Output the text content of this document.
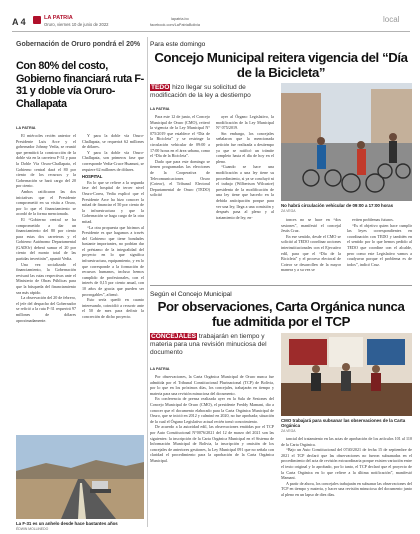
A 4	LA PATRIA
Oruro, viernes 10 de junio de 2022
lapatria.bo
facebook.com/LaPatriaBolivia
local
Gobernación de Oruro pondrá el 20%
Con 80% del costo, Gobierno financiará ruta F-31 y doble vía Oruro-Challapata
LA PATRIA

El miércoles recién anterior el Presidente Luis Arce y el gobernador Johnny Vedia, se reunió que permitirá la construcción de la doble vía en la carretera F-31 y para la Doble Vía Oruro-Challapata, el Gobierno central dará el 80 por ciento de los recursos y la Gobernación se hará cargo del 20 por ciento.

Ambos ratificaron las dos iniciativas que el Presidente comprometió en su visita a Oruro, por lo que el financiamiento se acordó de la forma mencionada.

El “Gobierno central se ha comprometido a dar un financiamiento del 80 por ciento para estas dos carreteras y el Gobierno Autónomo Departamental (GADOr) deberá sumar el 20 por ciento del monto total de las partidas invertirán”, apuntó Vedia.

Una vez socializado el financiamiento, la Gobernación revisará las rutas respectivas ante el Ministerio de Obras Públicas para que la búsqueda del financiamiento sea más rápido.

La observación del 20 de febrero, el jefe del despacho del Gobernador se refirió a la ruta F-31 requerirá 97 millones de dólares aproximadamente.

Y para la doble vía Oruro-Challapata, se requerirá 62 millones de dólares.

Y para la doble vía Oruro-Challapata, son primeros fase que corresponde Vedia-Cruce Huanuni, se requiere 62 millones de dólares.

HOSPITAL

En lo que se refiere a la segunda fase del hospital de tercer nivel Oruro-Corea, Vedia explicó que el Presidente Arce ha hizo conocer la mitad de financiar el 50 por ciento de la infraestructura y que la Gobernación se haga cargo de la otra mitad.

“La otra propuesta que hicimos al Presidente es que hagamos a través del Gobierno que tiene bondades bastante importantes, no podrían dar el préstamo de la integralidad del proyecto en lo que significa infraestructura, equipamiento, y en lo que corresponde a la formación de recursos humanos, incluso hemos cumplido de profesionales, con el interés de 0,15 por ciento anual, con 10 años de gracia que pueden ser prorrogables”, afirmó.

Esto sería quedó en cuanto interesando, coincidió a recurrir ante el 50 de mes para definir la concreción de dicho proyecto.

La F-31 es un anhelo desde hace bastantes años
ÉDWIN MOLLINEDO
Para este domingo
Concejo Municipal reitera vigencia del “Día de la Bicicleta”
TEDO hizo llegar su solicitud de modificación de la ley a destiempo
LA PATRIA

Para este 12 de junio, el Concejo Municipal de Oruro (CMO), reiteró la vigencia de la Ley Municipal N° 075/2019 que establece el “Día de la Bicicleta” y se restringe la circulación vehicular de 09:00 a 17:00 horas en el área urbana, como el “Día de la Bicicleta”.

Dado que para este domingo se tienen programadas las elecciones de la Cooperativa de Telecomunicaciones Oruro (Coteor), el Tribunal Electoral Departamental de Oruro (TEDO) solicitó

ayer al Órgano Legislativo, la modificación de la Ley Municipal N° 075/2019.

Sin embargo, los concejales señalaron que la mencionada petición fue realizada a destiempo ya que se ratificó un trámite completo hasta el día de hoy en el pleno.

“Cuando se hace una modificación a una ley tiene su procedimiento, si ya se concluyó ni el trabajo (Wilbertson Wilcastre) presidenta de la modificación de una ley tiene que hacerlo en la debida anticipación porque para ver una ley, llega a una comisión y después pasa al pleno y al tratamiento de ley, en-

No habrá circulación vehicular de 09:00 a 17:00 horas
ZA VEGA

tonces no se hace en “dos sesiones”, manifestó el concejal Jesús Cruz.

En ese sentido, desde el CMO se solicitó al TEDO coordinar acciones interinstitucionales con el Ejecutivo edil, para que el “Día de la Bicicleta” y el proceso electoral de Coteor se desarrollen de la mayor manera y a su vez se

eviten problemas futuros.

“Es el objetivo quien hace cumplir las leyes correspondientes en coordinación con TEDO y también en el sentido por lo que hemos pedido al TEDO que coordine con el alcalde, pero como este Legislativo vamos a coadyuvar porque el problema es de todos”, indicó Cruz.

Según el Concejo Municipal
Por observaciones, Carta Orgánica nunca fue admitida por el TCP
CONCEJALES trabajarán en tiempo y materia para una revisión minuciosa del documento
LA PATRIA

Por observaciones, la Carta Orgánica Municipal de Oruro nunca fue admitida por el Tribunal Constitucional Plurinacional (TCP) de Bolivia, por lo que en los próximos días, los concejales, trabajarán en tiempo y materia para una revisión minuciosa del documento.

En conferencia de prensa realizada ayer en la Sala de Sesiones del Concejo Municipal de Oruro (CMO), el presidente Freddy Mamani, dio a conocer que el documento elaborado para la Carta Orgánica Municipal de Oruro, que se inició en 2012 y culminó en 2020, no fue aprobada; situación de la cual el Órgano Legislativo actual recién tomó conocimiento.

De acuerdo a la autoridad edil, las observaciones emitidas por el TCP por Auto Constitucional N°0076/2021 del 12 de marzo del 2021 son las siguientes: la inscripción de la Carta Orgánica Municipal en el Sistema de Información Municipal de Bolivia, la inscripción y omisión de los concejales de anteriores gestiones, la Ley Municipal 091 que no señala con claridad el procedimiento para la aprobación de la Carta Orgánica Municipal.

CMO trabajará para subsanar las observaciones de la Carta Orgánica
ZA VEGA

tancial del tratamiento en las actas de aprobación de los artículos 101 al 110 de la Carta Orgánica.

“Bajo un Auto Constitucional del 0740/2021 de fecha 15 de septiembre de 2021 el TCP declaró que las observaciones no fueron subsanadas en el procedimiento del acta de revisión extraordinaria porque existen variación entre el texto original y lo aprobado, por lo tanto, el TCP declaró que el proyecto de la Carta Orgánica en lo que refiere a la última notificación”, manifestó Mamani.

A partir de ahora, los concejales trabajarán en subsanar las observaciones del TCP en tiempo y materia, y hacer una revisión minuciosa del documento junto al pleno en un lapso de diez días.
